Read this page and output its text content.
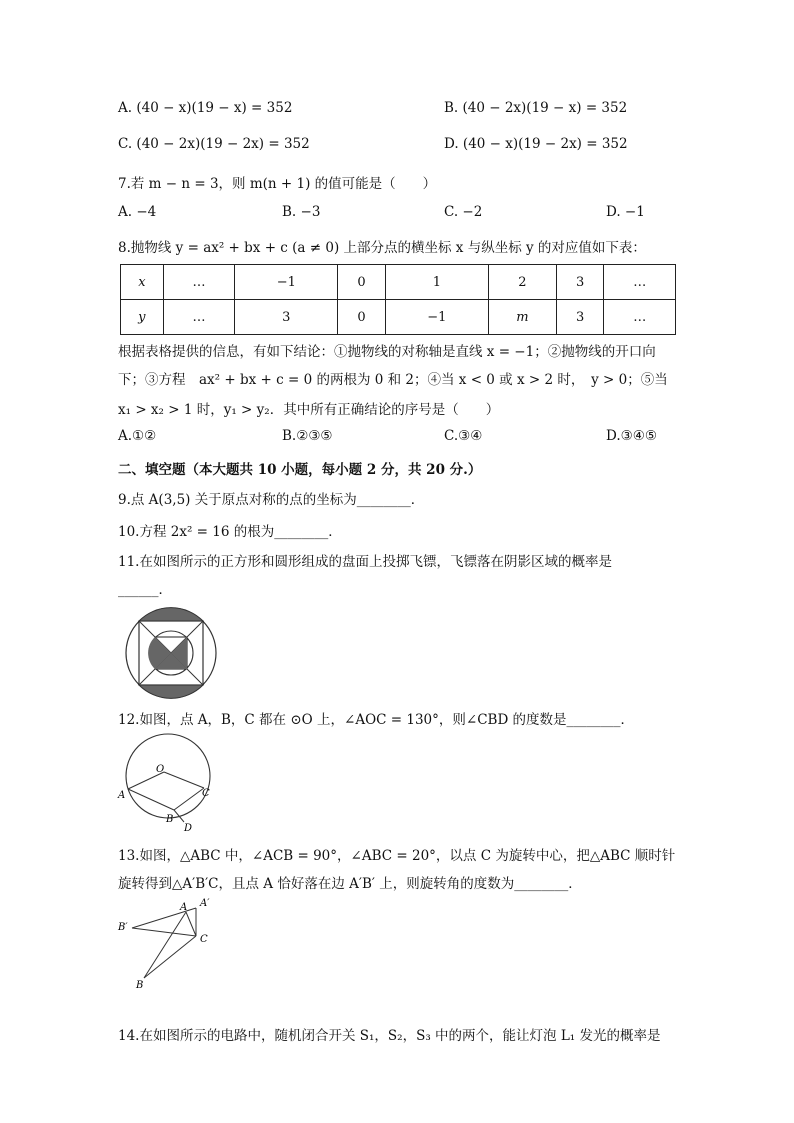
A. (40 − x)(19 − x) = 352	B. (40 − 2x)(19 − x) = 352
C. (40 − 2x)(19 − 2x) = 352	D. (40 − x)(19 − 2x) = 352
7.若 m − n = 3，则 m(n + 1) 的值可能是（　　）
A. −4	B. −3	C. −2	D. −1
8.抛物线 y = ax² + bx + c (a ≠ 0) 上部分点的横坐标 x 与纵坐标 y 的对应值如下表：
x	…	−1	0	1	2	3	…
y	…	3	0	−1	m	3	…
根据表格提供的信息，有如下结论：①抛物线的对称轴是直线 x = −1；②抛物线的开口向
下；③方程　ax² + bx + c = 0 的两根为 0 和 2；④当 x < 0 或 x > 2 时，　y > 0；⑤当
x₁ > x₂ > 1 时，y₁ > y₂．其中所有正确结论的序号是（　　）
A.①②	B.②③⑤	C.③④	D.③④⑤
二、填空题（本大题共 10 小题，每小题 2 分，共 20 分.）
9.点 A(3,5) 关于原点对称的点的坐标为________．
10.方程 2x² = 16 的根为________．
11.在如图所示的正方形和圆形组成的盘面上投掷飞镖，飞镖落在阴影区域的概率是
______．
12.如图，点 A，B，C 都在 ⊙O 上，∠AOC = 130°，则∠CBD 的度数是________．
O
A
B
C
D
13.如图，△ABC 中，∠ACB = 90°，∠ABC = 20°，以点 C 为旋转中心，把△ABC 顺时针
旋转得到△A′B′C，且点 A 恰好落在边 A′B′ 上，则旋转角的度数为________．
A A′
B′
C
B
14.在如图所示的电路中，随机闭合开关 S₁，S₂，S₃ 中的两个，能让灯泡 L₁ 发光的概率是
